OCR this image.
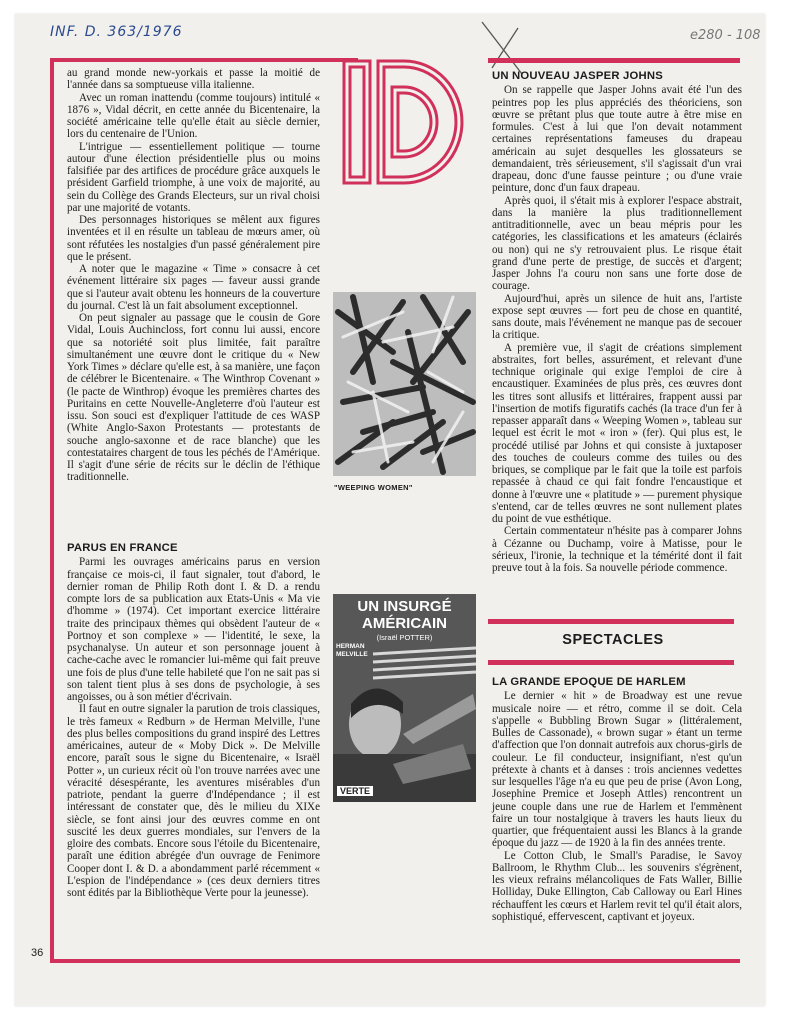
INF. D. 363/1976	e280 - 108

au grand monde new-yorkais et passe la moitié de l'année dans sa somptueuse villa italienne.

Avec un roman inattendu (comme toujours) intitulé « 1876 », Vidal décrit, en cette année du Bicentenaire, la société américaine telle qu'elle était au siècle dernier, lors du centenaire de l'Union.

L'intrigue — essentiellement politique — tourne autour d'une élection présidentielle plus ou moins falsifiée par des artifices de procédure grâce auxquels le président Garfield triomphe, à une voix de majorité, au sein du Collège des Grands Electeurs, sur un rival choisi par une majorité de votants.

Des personnages historiques se mêlent aux figures inventées et il en résulte un tableau de mœurs amer, où sont réfutées les nostalgies d'un passé généralement pire que le présent.

A noter que le magazine « Time » consacre à cet événement littéraire six pages — faveur aussi grande que si l'auteur avait obtenu les honneurs de la couverture du journal. C'est là un fait absolument exceptionnel.

On peut signaler au passage que le cousin de Gore Vidal, Louis Auchincloss, fort connu lui aussi, encore que sa notoriété soit plus limitée, fait paraître simultanément une œuvre dont le critique du « New York Times » déclare qu'elle est, à sa manière, une façon de célébrer le Bicentenaire. « The Winthrop Covenant » (le pacte de Winthrop) évoque les premières chartes des Puritains en cette Nouvelle-Angleterre d'où l'auteur est issu. Son souci est d'expliquer l'attitude de ces WASP (White Anglo-Saxon Protestants — protestants de souche anglo-saxonne et de race blanche) que les contestataires chargent de tous les péchés de l'Amérique. Il s'agit d'une série de récits sur le déclin de l'éthique traditionnelle.

PARUS EN FRANCE

Parmi les ouvrages américains parus en version française ce mois-ci, il faut signaler, tout d'abord, le dernier roman de Philip Roth dont I. & D. a rendu compte lors de sa publication aux Etats-Unis « Ma vie d'homme » (1974). Cet important exercice littéraire traite des principaux thèmes qui obsèdent l'auteur de « Portnoy et son complexe » — l'identité, le sexe, la psychanalyse. Un auteur et son personnage jouent à cache-cache avec le romancier lui-même qui fait preuve une fois de plus d'une telle habileté que l'on ne sait pas si son talent tient plus à ses dons de psychologie, à ses angoisses, ou à son métier d'écrivain.

Il faut en outre signaler la parution de trois classiques, le très fameux « Redburn » de Herman Melville, l'une des plus belles compositions du grand inspiré des Lettres américaines, auteur de « Moby Dick ». De Melville encore, paraît sous le signe du Bicentenaire, « Israël Potter », un curieux récit où l'on trouve narrées avec une véracité désespérante, les aventures misérables d'un patriote, pendant la guerre d'Indépendance ; il est intéressant de constater que, dès le milieu du XIXe siècle, se font ainsi jour des œuvres comme en ont suscité les deux guerres mondiales, sur l'envers de la gloire des combats. Encore sous l'étoile du Bicentenaire, paraît une édition abrégée d'un ouvrage de Fenimore Cooper dont I. & D. a abondamment parlé récemment « L'espion de l'indépendance » (ces deux derniers titres sont édités par la Bibliothèque Verte pour la jeunesse).

"WEEPING WOMEN"
UN INSURGÉ
AMÉRICAIN
(Israël POTTER)
HERMAN
MELVILLE
VERTE
UN NOUVEAU JASPER JOHNS

On se rappelle que Jasper Johns avait été l'un des peintres pop les plus appréciés des théoriciens, son œuvre se prêtant plus que toute autre à être mise en formules. C'est à lui que l'on devait notamment certaines représentations fameuses du drapeau américain au sujet desquelles les glossateurs se demandaient, très sérieusement, s'il s'agissait d'un vrai drapeau, donc d'une fausse peinture ; ou d'une vraie peinture, donc d'un faux drapeau.

Après quoi, il s'était mis à explorer l'espace abstrait, dans la manière la plus traditionnellement antitraditionnelle, avec un beau mépris pour les catégories, les classifications et les amateurs (éclairés ou non) qui ne s'y retrouvaient plus. Le risque était grand d'une perte de prestige, de succès et d'argent; Jasper Johns l'a couru non sans une forte dose de courage.

Aujourd'hui, après un silence de huit ans, l'artiste expose sept œuvres — fort peu de chose en quantité, sans doute, mais l'événement ne manque pas de secouer la critique.

A première vue, il s'agit de créations simplement abstraites, fort belles, assurément, et relevant d'une technique originale qui exige l'emploi de cire à encaustiquer. Examinées de plus près, ces œuvres dont les titres sont allusifs et littéraires, frappent aussi par l'insertion de motifs figuratifs cachés (la trace d'un fer à repasser apparaît dans « Weeping Women », tableau sur lequel est écrit le mot « iron » (fer). Qui plus est, le procédé utilisé par Johns et qui consiste à juxtaposer des touches de couleurs comme des tuiles ou des briques, se complique par le fait que la toile est parfois repassée à chaud ce qui fait fondre l'encaustique et donne à l'œuvre une « platitude » — purement physique s'entend, car de telles œuvres ne sont nullement plates du point de vue esthétique.

Certain commentateur n'hésite pas à comparer Johns à Cézanne ou Duchamp, voire à Matisse, pour le sérieux, l'ironie, la technique et la témérité dont il fait preuve tout à la fois. Sa nouvelle période commence.

SPECTACLES
LA GRANDE EPOQUE DE HARLEM

Le dernier « hit » de Broadway est une revue musicale noire — et rétro, comme il se doit. Cela s'appelle « Bubbling Brown Sugar » (littéralement, Bulles de Cassonade), « brown sugar » étant un terme d'affection que l'on donnait autrefois aux chorus-girls de couleur. Le fil conducteur, insignifiant, n'est qu'un prétexte à chants et à danses : trois anciennes vedettes sur lesquelles l'âge n'a eu que peu de prise (Avon Long, Josephine Premice et Joseph Attles) rencontrent un jeune couple dans une rue de Harlem et l'emmènent faire un tour nostalgique à travers les hauts lieux du quartier, que fréquentaient aussi les Blancs à la grande époque du jazz — de 1920 à la fin des années trente.

Le Cotton Club, le Small's Paradise, le Savoy Ballroom, le Rhythm Club... les souvenirs s'égrènent, les vieux refrains mélancoliques de Fats Waller, Billie Holliday, Duke Ellington, Cab Calloway ou Earl Hines réchauffent les cœurs et Harlem revit tel qu'il était alors, sophistiqué, effervescent, captivant et joyeux.

36
